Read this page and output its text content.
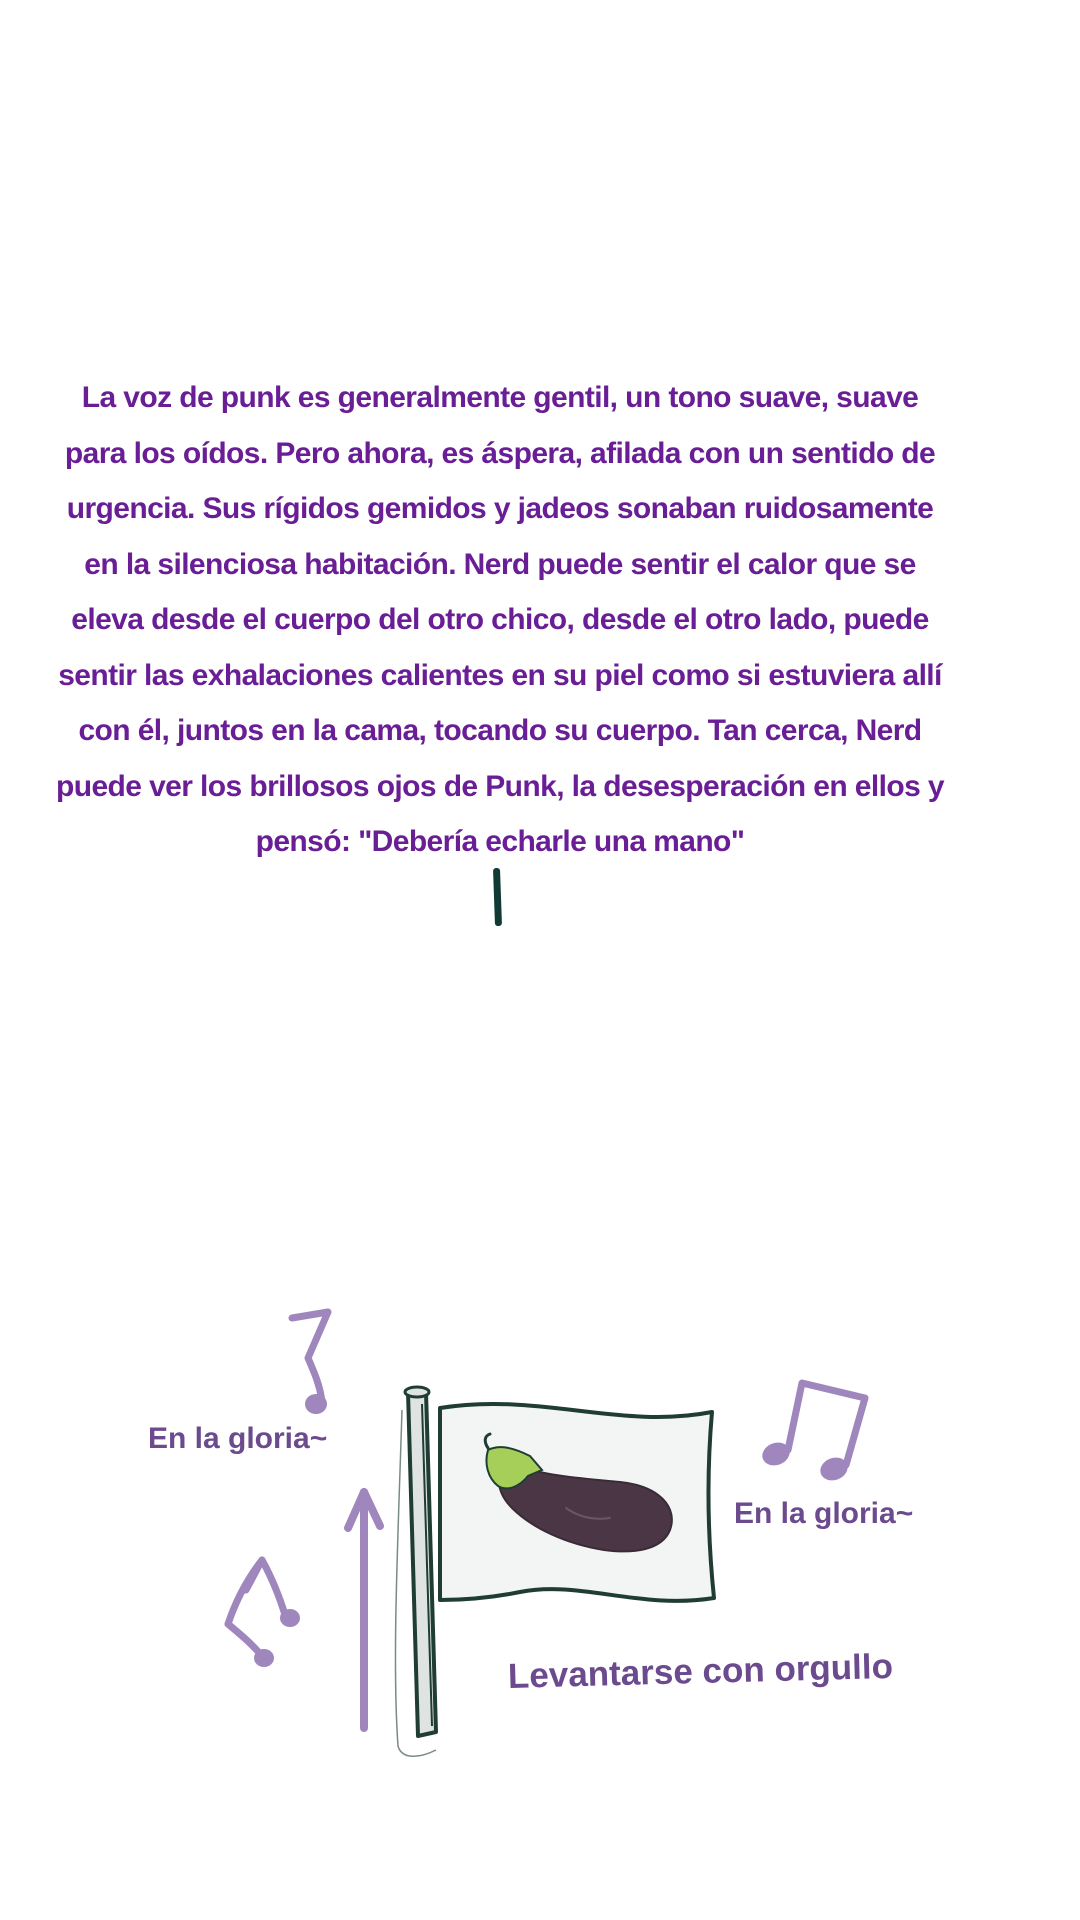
La voz de punk es generalmente gentil, un tono suave, suave para los oídos. Pero ahora, es áspera, afilada con un sentido de urgencia. Sus rígidos gemidos y jadeos sonaban ruidosamente en la silenciosa habitación. Nerd puede sentir el calor que se eleva desde el cuerpo del otro chico, desde el otro lado, puede sentir las exhalaciones calientes en su piel como si estuviera allí con él, juntos en la cama, tocando su cuerpo. Tan cerca, Nerd puede ver los brillosos ojos de Punk, la desesperación en ellos y pensó: "Debería echarle una mano"

En la gloria~

En la gloria~

Levantarse con orgullo
